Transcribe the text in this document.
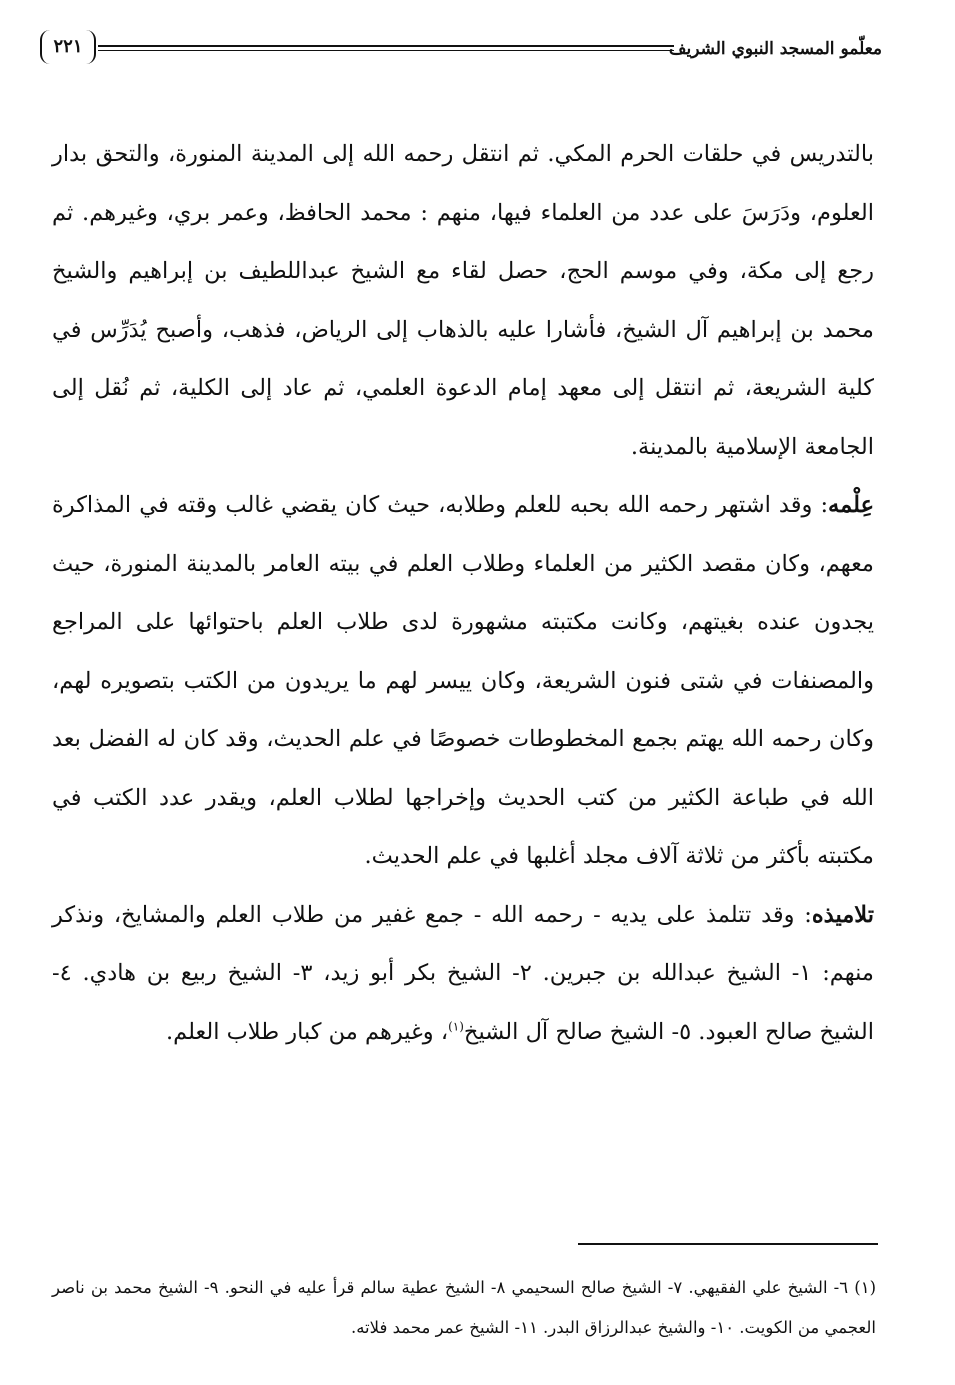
معلّمو المسجد النبوي الشريف
٢٢١

بالتدريس في حلقات الحرم المكي. ثم انتقل رحمه الله إلى المدينة المنورة، والتحق بدار العلوم، ودَرَسَ على عدد من العلماء فيها، منهم : محمد الحافظ، وعمر بري، وغيرهم. ثم رجع إلى مكة، وفي موسم الحج، حصل لقاء مع الشيخ عبداللطيف بن إبراهيم والشيخ محمد بن إبراهيم آل الشيخ، فأشارا عليه بالذهاب إلى الرياض، فذهب، وأصبح يُدَرِّس في كلية الشريعة، ثم انتقل إلى معهد إمام الدعوة العلمي، ثم عاد إلى الكلية، ثم نُقل إلى الجامعة الإسلامية بالمدينة.

عِلْمه: وقد اشتهر رحمه الله بحبه للعلم وطلابه، حيث كان يقضي غالب وقته في المذاكرة معهم، وكان مقصد الكثير من العلماء وطلاب العلم في بيته العامر بالمدينة المنورة، حيث يجدون عنده بغيتهم، وكانت مكتبته مشهورة لدى طلاب العلم باحتوائها على المراجع والمصنفات في شتى فنون الشريعة، وكان ييسر لهم ما يريدون من الكتب بتصويره لهم، وكان رحمه الله يهتم بجمع المخطوطات خصوصًا في علم الحديث، وقد كان له الفضل بعد الله في طباعة الكثير من كتب الحديث وإخراجها لطلاب العلم، ويقدر عدد الكتب في مكتبته بأكثر من ثلاثة آلاف مجلد أغلبها في علم الحديث.

تلاميذه: وقد تتلمذ على يديه - رحمه الله - جمع غفير من طلاب العلم والمشايخ، ونذكر منهم: ١- الشيخ عبدالله بن جبرين. ٢- الشيخ بكر أبو زيد، ٣- الشيخ ربيع بن هادي. ٤- الشيخ صالح العبود. ٥- الشيخ صالح آل الشيخ$^{(١)}$، وغيرهم من كبار طلاب العلم.

(١) ٦- الشيخ علي الفقيهي. ٧- الشيخ صالح السحيمي ٨- الشيخ عطية سالم قرأ عليه في النحو. ٩- الشيخ محمد بن ناصر العجمي من الكويت. ١٠- والشيخ عبدالرزاق البدر. ١١- الشيخ عمر محمد فلاته.
